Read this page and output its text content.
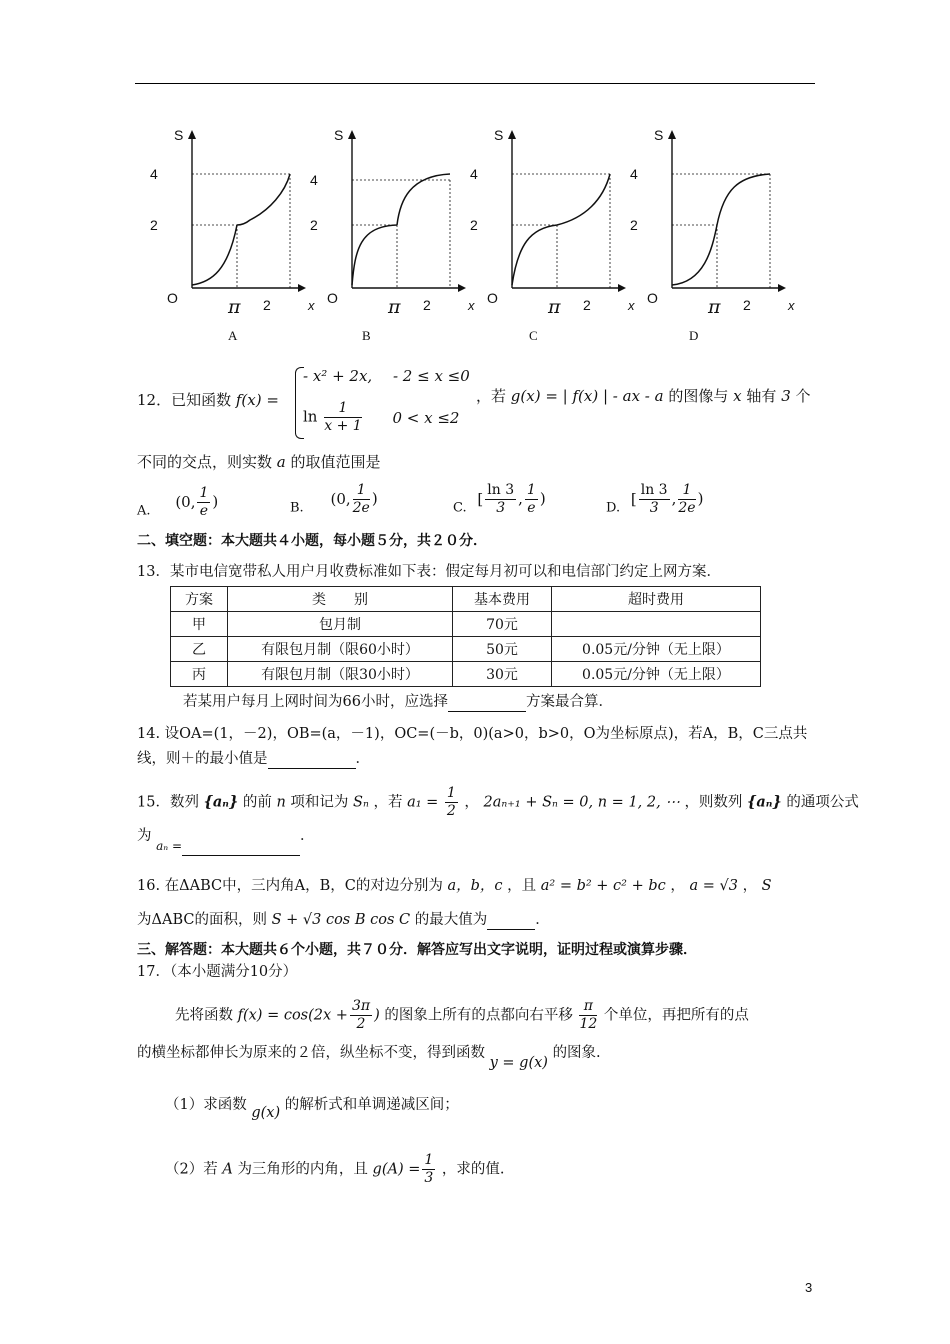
S
4
2
O	π 2	x
S
4
2
O	π 2	x
S
4
2
O	π 2	x
S
4
2
O	π 2	x
A	B	C	D
12．已知函数 f(x) =
- x² + 2x, - 2 ≤ x ≤0
$\ln \frac{1}{x + 1} 0 < x \le 2$
，若 g(x) = | f(x) | - ax - a 的图像与 x 轴有 3 个
不同的交点，则实数 a 的取值范围是
A. (0, $\frac{1}{e}$ )	B. (0, $\frac{1}{2e}$ )
C. [ $\frac{\ln 3}{3}$ , $\frac{1}{e}$ )
D. [ $\frac{\ln 3}{3}$ , $\frac{1}{2e}$ )
二、填空题：本大题共４小题，每小题５分，共２０分．
13．某市电信宽带私人用户月收费标准如下表：假定每月初可以和电信部门约定上网方案．
方案	类　　别	基本费用	超时费用
甲	包月制	70元	
乙	有限包月制（限60小时）	50元	0.05元/分钟（无上限）
丙	有限包月制（限30小时）	30元	0.05元/分钟（无上限）
若某用户每月上网时间为66小时，应选择	方案最合算．
14. 设OA=(1，－2)，OB=(a，－1)，OC=(－b，0)(a>0，b>0，O为坐标原点)，若A，B，C三点共
线，则＋的最小值是	．
15．数列 {aₙ} 的前 n 项和记为 Sₙ ，若 $a_1 = \frac{1}{2}$ ， 2aₙ₊₁ + Sₙ = 0, n = 1, 2, ⋯ ，则数列 {aₙ} 的通项公式
为 $_{a_n =}$．
16. 在ΔABC中，三内角A，B，C的对边分别为 a，b，c ，且 a² = b² + c² + bc ， a = √3 ， S
为ΔABC的面积，则 S + √3 cos B cos C 的最大值为	．
三、解答题：本大题共６个小题，共７０分．解答应写出文字说明，证明过程或演算步骤．
17．（本小题满分10分）
先将函数 $f(x) = \cos(2x + \frac{3\pi}{2}$ ) 的图象上所有的点都向右平移 $\frac{\pi}{12}$ 个单位，再把所有的点
的横坐标都伸长为原来的２倍，纵坐标不变，得到函数 y = g(x) 的图象.
（1）求函数 g(x) 的解析式和单调递减区间；
（2）若 A 为三角形的内角，且 $g(A) = \frac{1}{3}$ ，求的值.
3
